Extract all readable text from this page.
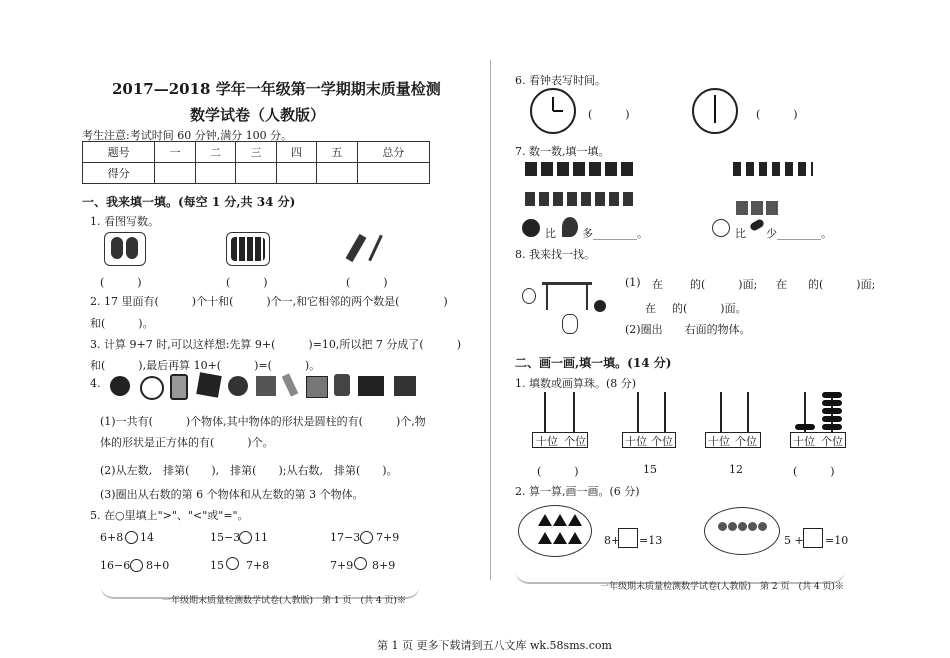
2017—2018 学年一年级第一学期期末质量检测
数学试卷（人教版）
考生注意:考试时间 60 分钟,满分 100 分。
题号	一	二	三	四	五	总分
得分						
一、我来填一填。(每空 1 分,共 34 分)
1. 看图写数。
(　　　)	(　　　)	(　　　)
2. 17 里面有(　　　)个十和(　　　)个一,和它相邻的两个数是(　　　　)
和(　　　)。
3. 计算 9+7 时,可以这样想:先算 9+(　　　)=10,所以把 7 分成了(　　　)
和(　　　),最后再算 10+(　　　)=(　　　)。
4.
(1)一共有(　　　)个物体,其中物体的形状是圆柱的有(　　　)个,物
体的形状是正方体的有(　　　)个。
(2)从左数,　排第(　　),　排第(　　);从右数,　排第(　　)。
(3)圈出从右数的第 6 个物体和从左数的第 3 个物体。
5. 在○里填上">"、"<"或"="。
6+8 14	15−3 11	17−3 7+9
16−6 8+0	15 7+8	7+9 8+9
一年级期末质量检测数学试卷(人教版)　第 1 页　(共 4 页)※
6. 看钟表写时间。
(　　　)	(　　　)
7. 数一数,填一填。
比 多________。	比 少________。
8. 我来找一找。
(1) 在 的(　　　)面; 在 的(　　　)面;
在 的(　　　)面。
(2)圈出　　右面的物体。
二、画一画,填一填。(14 分)
1. 填数或画算珠。(8 分)
十位 个位
(　　　)
十位 个位
15
十位 个位
12
十位 个位
(　　　)
2. 算一算,画一画。(6 分)
8+ =13	5 + =10
一年级期末质量检测数学试卷(人教版)　第 2 页　(共 4 页)※
第 1 页 更多下载请到五八文库 wk.58sms.com
